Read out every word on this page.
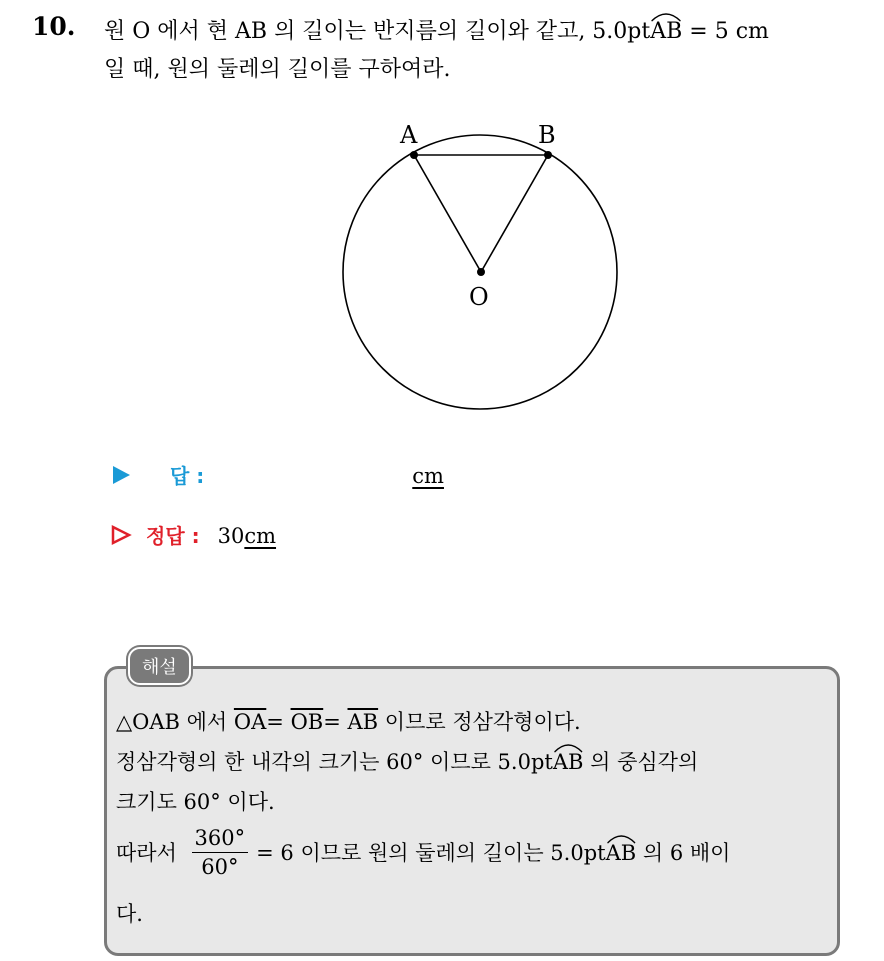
10. 원 O 에서 현 AB 의 길이는 반지름의 길이와 같고, 5.0pt
AB = 5 cm
일 때, 원의 둘레의 길이를 구하여라.
A	B
O
답 :	cm
정답 : 30 cm
해설
△OAB 에서 $\overline{OA}= \overline{OB}= \overline{AB}$ 이므로 정삼각형이다.
정삼각형의 한 내각의 크기는 60° 이므로 5.0pt
AB 의 중심각의
크기도 60° 이다.
따라서 $\frac{360^\circ}{60^\circ} = 6$ 이므로 원의 둘레의 길이는 5.0pt
AB 의 6 배이
다.
